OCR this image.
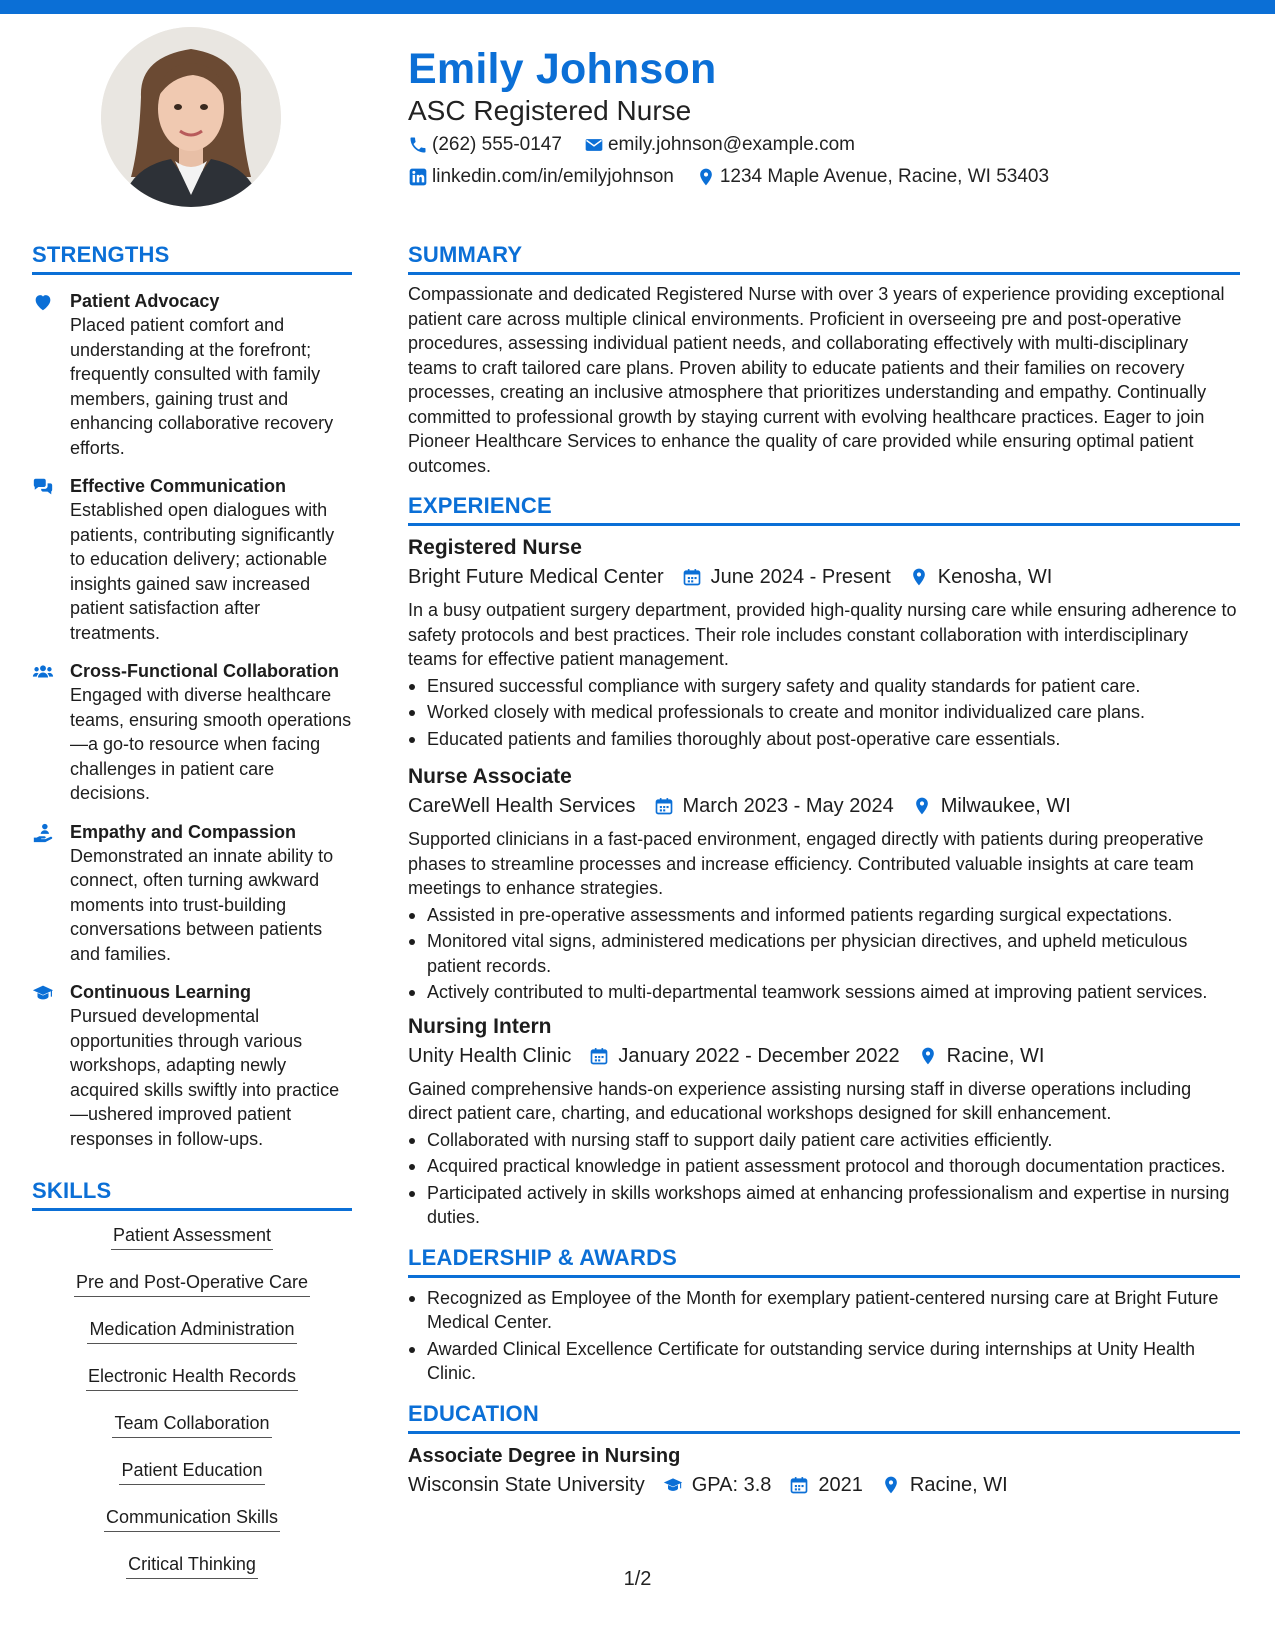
Emily Johnson
ASC Registered Nurse
(262) 555-0147 emily.johnson@example.com
linkedin.com/in/emilyjohnson 1234 Maple Avenue, Racine, WI 53403
STRENGTHS
Patient Advocacy
Placed patient comfort and understanding at the forefront; frequently consulted with family members, gaining trust and enhancing collaborative recovery efforts.
Effective Communication
Established open dialogues with patients, contributing significantly to education delivery; actionable insights gained saw increased patient satisfaction after treatments.
Cross-Functional Collaboration
Engaged with diverse healthcare teams, ensuring smooth operations—a go-to resource when facing challenges in patient care decisions.
Empathy and Compassion
Demonstrated an innate ability to connect, often turning awkward moments into trust-building conversations between patients and families.
Continuous Learning
Pursued developmental opportunities through various workshops, adapting newly acquired skills swiftly into practice—ushered improved patient responses in follow-ups.
SKILLS
Patient Assessment
Pre and Post-Operative Care
Medication Administration
Electronic Health Records
Team Collaboration
Patient Education
Communication Skills
Critical Thinking
SUMMARY
Compassionate and dedicated Registered Nurse with over 3 years of experience providing exceptional patient care across multiple clinical environments. Proficient in overseeing pre and post-operative procedures, assessing individual patient needs, and collaborating effectively with multi-disciplinary teams to craft tailored care plans. Proven ability to educate patients and their families on recovery processes, creating an inclusive atmosphere that prioritizes understanding and empathy. Continually committed to professional growth by staying current with evolving healthcare practices. Eager to join Pioneer Healthcare Services to enhance the quality of care provided while ensuring optimal patient outcomes.
EXPERIENCE
Registered Nurse
Bright Future Medical Center June 2024 - Present Kenosha, WI
In a busy outpatient surgery department, provided high-quality nursing care while ensuring adherence to safety protocols and best practices. Their role includes constant collaboration with interdisciplinary teams for effective patient management.
Ensured successful compliance with surgery safety and quality standards for patient care.
Worked closely with medical professionals to create and monitor individualized care plans.
Educated patients and families thoroughly about post-operative care essentials.
Nurse Associate
CareWell Health Services March 2023 - May 2024 Milwaukee, WI
Supported clinicians in a fast-paced environment, engaged directly with patients during preoperative phases to streamline processes and increase efficiency. Contributed valuable insights at care team meetings to enhance strategies.
Assisted in pre-operative assessments and informed patients regarding surgical expectations.
Monitored vital signs, administered medications per physician directives, and upheld meticulous patient records.
Actively contributed to multi-departmental teamwork sessions aimed at improving patient services.
Nursing Intern
Unity Health Clinic January 2022 - December 2022 Racine, WI
Gained comprehensive hands-on experience assisting nursing staff in diverse operations including direct patient care, charting, and educational workshops designed for skill enhancement.
Collaborated with nursing staff to support daily patient care activities efficiently.
Acquired practical knowledge in patient assessment protocol and thorough documentation practices.
Participated actively in skills workshops aimed at enhancing professionalism and expertise in nursing duties.
LEADERSHIP & AWARDS
Recognized as Employee of the Month for exemplary patient-centered nursing care at Bright Future Medical Center.
Awarded Clinical Excellence Certificate for outstanding service during internships at Unity Health Clinic.
EDUCATION
Associate Degree in Nursing
Wisconsin State University GPA: 3.8 2021 Racine, WI
1/2
